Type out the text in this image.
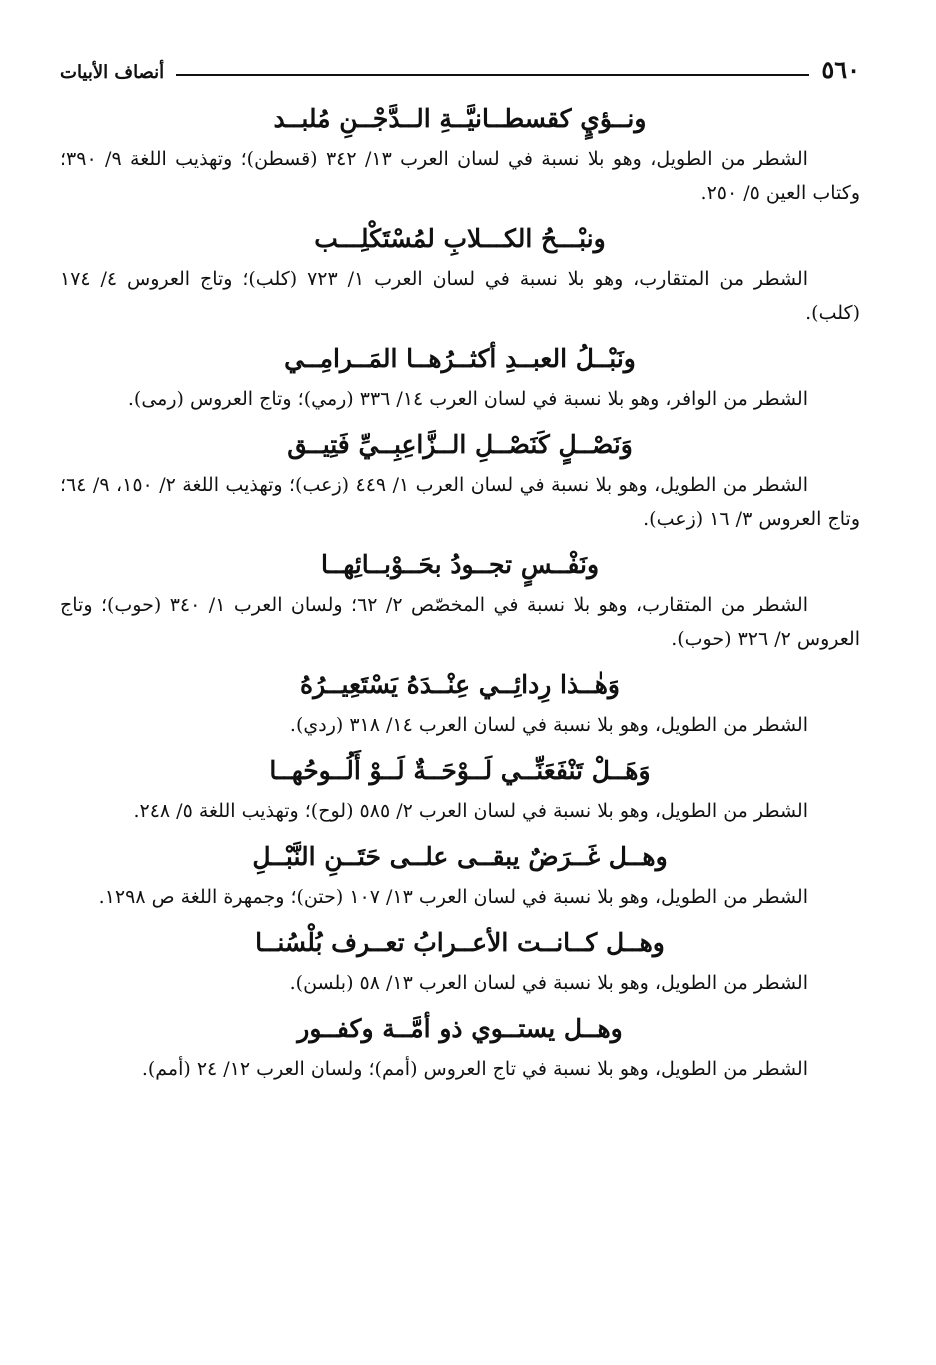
٥٦٠
أنصاف الأبيات
ونــؤيٍ كقسطــانيَّــةِ الــدَّجْــنِ مُلبــد
الشطر من الطويل، وهو بلا نسبة في لسان العرب ١٣/ ٣٤٢ (قسطن)؛ وتهذيب اللغة ٩/ ٣٩٠؛ وكتاب العين ٥/ ٢٥٠.
ونبْـــحُ الكـــلابِ لمُسْتَكْلِـــب
الشطر من المتقارب، وهو بلا نسبة في لسان العرب ١/ ٧٢٣ (كلب)؛ وتاج العروس ٤/ ١٧٤ (كلب).
ونَبْــلُ العبــدِ أكثــرُهــا المَــرامِــي
الشطر من الوافر، وهو بلا نسبة في لسان العرب ١٤/ ٣٣٦ (رمي)؛ وتاج العروس (رمى).
وَنَصْــلٍ كَنَصْــلِ الــزَّاعِبِــيِّ فَتِيــق
الشطر من الطويل، وهو بلا نسبة في لسان العرب ١/ ٤٤٩ (زعب)؛ وتهذيب اللغة ٢/ ١٥٠، ٩/ ٦٤؛ وتاج العروس ٣/ ١٦ (زعب).
ونَفْــسٍ تجــودُ بحَــوْبــائِهــا
الشطر من المتقارب، وهو بلا نسبة في المخصّص ٢/ ٦٢؛ ولسان العرب ١/ ٣٤٠ (حوب)؛ وتاج العروس ٢/ ٣٢٦ (حوب).
وَهٰــذا رِدائِــي عِنْــدَهُ يَسْتَعِيــرُهُ
الشطر من الطويل، وهو بلا نسبة في لسان العرب ١٤/ ٣١٨ (ردي).
وَهَــلْ تَنْفَعَنِّــي لَــوْحَــةٌ لَــوْ أَلُــوحُهــا
الشطر من الطويل، وهو بلا نسبة في لسان العرب ٢/ ٥٨٥ (لوح)؛ وتهذيب اللغة ٥/ ٢٤٨.
وهــل غَــرَضٌ يبقــى علــى حَتَــنِ النَّبْــلِ
الشطر من الطويل، وهو بلا نسبة في لسان العرب ١٣/ ١٠٧ (حتن)؛ وجمهرة اللغة ص ١٢٩٨.
وهــل كــانــت الأعــرابُ تعــرف بُلْسُنــا
الشطر من الطويل، وهو بلا نسبة في لسان العرب ١٣/ ٥٨ (بلسن).
وهــل يستــوي ذو أمَّــة وكفــور
الشطر من الطويل، وهو بلا نسبة في تاج العروس (أمم)؛ ولسان العرب ١٢/ ٢٤ (أمم).
